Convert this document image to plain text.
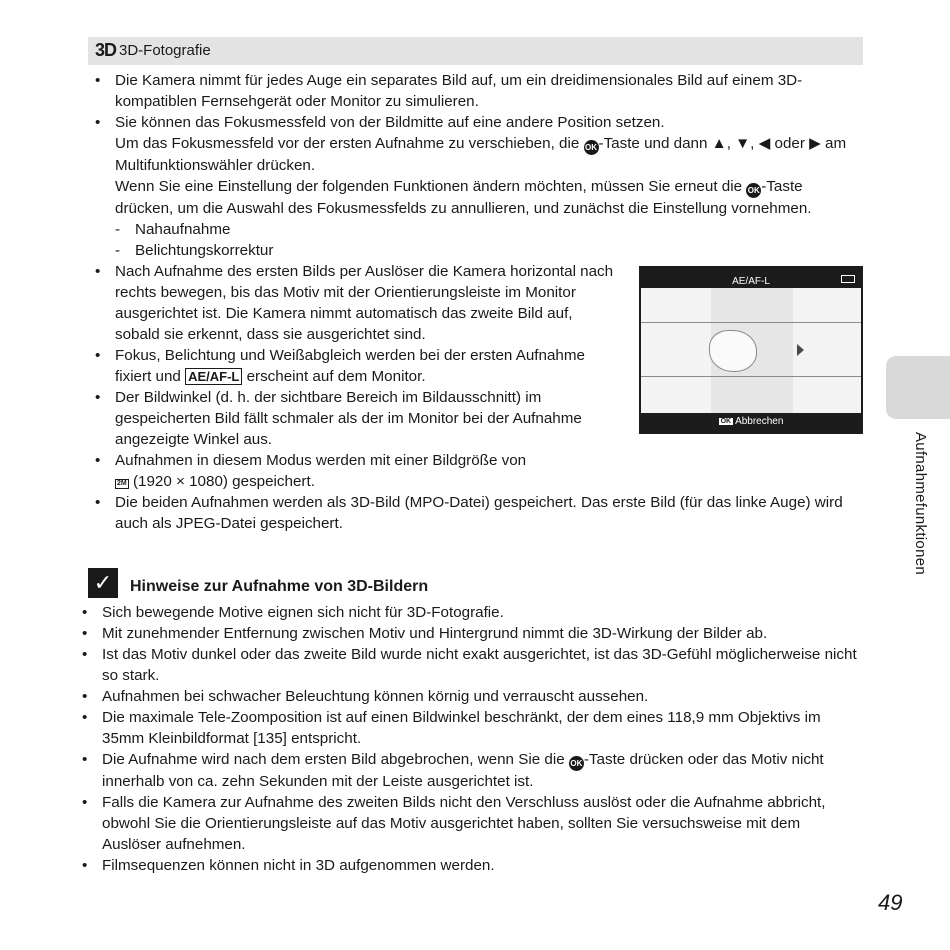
3D 3D-Fotografie
• Die Kamera nimmt für jedes Auge ein separates Bild auf, um ein dreidimensionales Bild auf einem 3D-kompatiblen Fernsehgerät oder Monitor zu simulieren.
• Sie können das Fokusmessfeld von der Bildmitte auf eine andere Position setzen.
Um das Fokusmessfeld vor der ersten Aufnahme zu verschieben, die OK-Taste und dann ▲, ▼, ◀ oder ▶ am Multifunktionswähler drücken.
Wenn Sie eine Einstellung der folgenden Funktionen ändern möchten, müssen Sie erneut die OK-Taste drücken, um die Auswahl des Fokusmessfelds zu annullieren, und zunächst die Einstellung vornehmen.
- Nahaufnahme
- Belichtungskorrektur
• Nach Aufnahme des ersten Bilds per Auslöser die Kamera horizontal nach rechts bewegen, bis das Motiv mit der Orientierungsleiste im Monitor ausgerichtet ist. Die Kamera nimmt automatisch das zweite Bild auf, sobald sie erkennt, dass sie ausgerichtet sind.
• Fokus, Belichtung und Weißabgleich werden bei der ersten Aufnahme fixiert und AE/AF-L erscheint auf dem Monitor.
• Der Bildwinkel (d. h. der sichtbare Bereich im Bildausschnitt) im gespeicherten Bild fällt schmaler als der im Monitor bei der Aufnahme angezeigte Winkel aus.
• Aufnahmen in diesem Modus werden mit einer Bildgröße von
2M (1920 × 1080) gespeichert.
• Die beiden Aufnahmen werden als 3D-Bild (MPO-Datei) gespeichert. Das erste Bild (für das linke Auge) wird auch als JPEG-Datei gespeichert.
AE/AF-L
OK Abbrechen
✓	Hinweise zur Aufnahme von 3D-Bildern
• Sich bewegende Motive eignen sich nicht für 3D-Fotografie.
• Mit zunehmender Entfernung zwischen Motiv und Hintergrund nimmt die 3D-Wirkung der Bilder ab.
• Ist das Motiv dunkel oder das zweite Bild wurde nicht exakt ausgerichtet, ist das 3D-Gefühl möglicherweise nicht so stark.
• Aufnahmen bei schwacher Beleuchtung können körnig und verrauscht aussehen.
• Die maximale Tele-Zoomposition ist auf einen Bildwinkel beschränkt, der dem eines 118,9 mm Objektivs im 35mm Kleinbildformat [135] entspricht.
• Die Aufnahme wird nach dem ersten Bild abgebrochen, wenn Sie die OK-Taste drücken oder das Motiv nicht innerhalb von ca. zehn Sekunden mit der Leiste ausgerichtet ist.
• Falls die Kamera zur Aufnahme des zweiten Bilds nicht den Verschluss auslöst oder die Aufnahme abbricht, obwohl Sie die Orientierungsleiste auf das Motiv ausgerichtet haben, sollten Sie versuchsweise mit dem Auslöser aufnehmen.
• Filmsequenzen können nicht in 3D aufgenommen werden.
Aufnahmefunktionen
49
